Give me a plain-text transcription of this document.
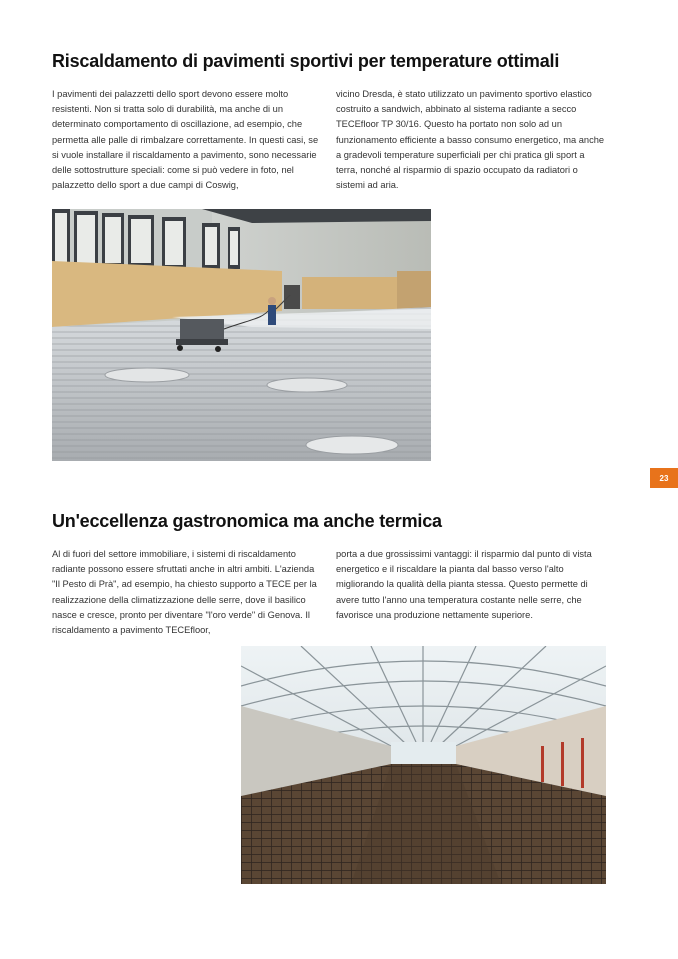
Riscaldamento di pavimenti sportivi per temperature ottimali

I pavimenti dei palazzetti dello sport devono essere molto resistenti. Non si tratta solo di durabilità, ma anche di un determinato comportamento di oscillazione, ad esempio, che permetta alle palle di rimbalzare correttamente. In questi casi, se si vuole installare il riscaldamento a pavimento, sono necessarie delle sottostrutture speciali: come si può vedere in foto, nel palazzetto dello sport a due campi di Coswig,

vicino Dresda, è stato utilizzato un pavimento sportivo elastico costruito a sandwich, abbinato al sistema radiante a secco TECEfloor TP 30/16. Questo ha portato non solo ad un funzionamento efficiente a basso consumo energetico, ma anche a gradevoli temperature superficiali per chi pratica gli sport a terra, nonché al risparmio di spazio occupato da radiatori o sistemi ad aria.

23
Un'eccellenza gastronomica ma anche termica

Al di fuori del settore immobiliare, i sistemi di riscaldamento radiante possono essere sfruttati anche in altri ambiti. L'azienda "Il Pesto di Prà", ad esempio, ha chiesto supporto a TECE per la realizzazione della climatizzazione delle serre, dove il basilico nasce e cresce, pronto per diventare "l'oro verde" di Genova. Il riscaldamento a pavimento TECEfloor,

porta a due grossissimi vantaggi: il risparmio dal punto di vista energetico e il riscaldare la pianta dal basso verso l'alto migliorando la qualità della pianta stessa. Questo permette di avere tutto l'anno una temperatura costante nelle serre, che favorisce una produzione nettamente superiore.
